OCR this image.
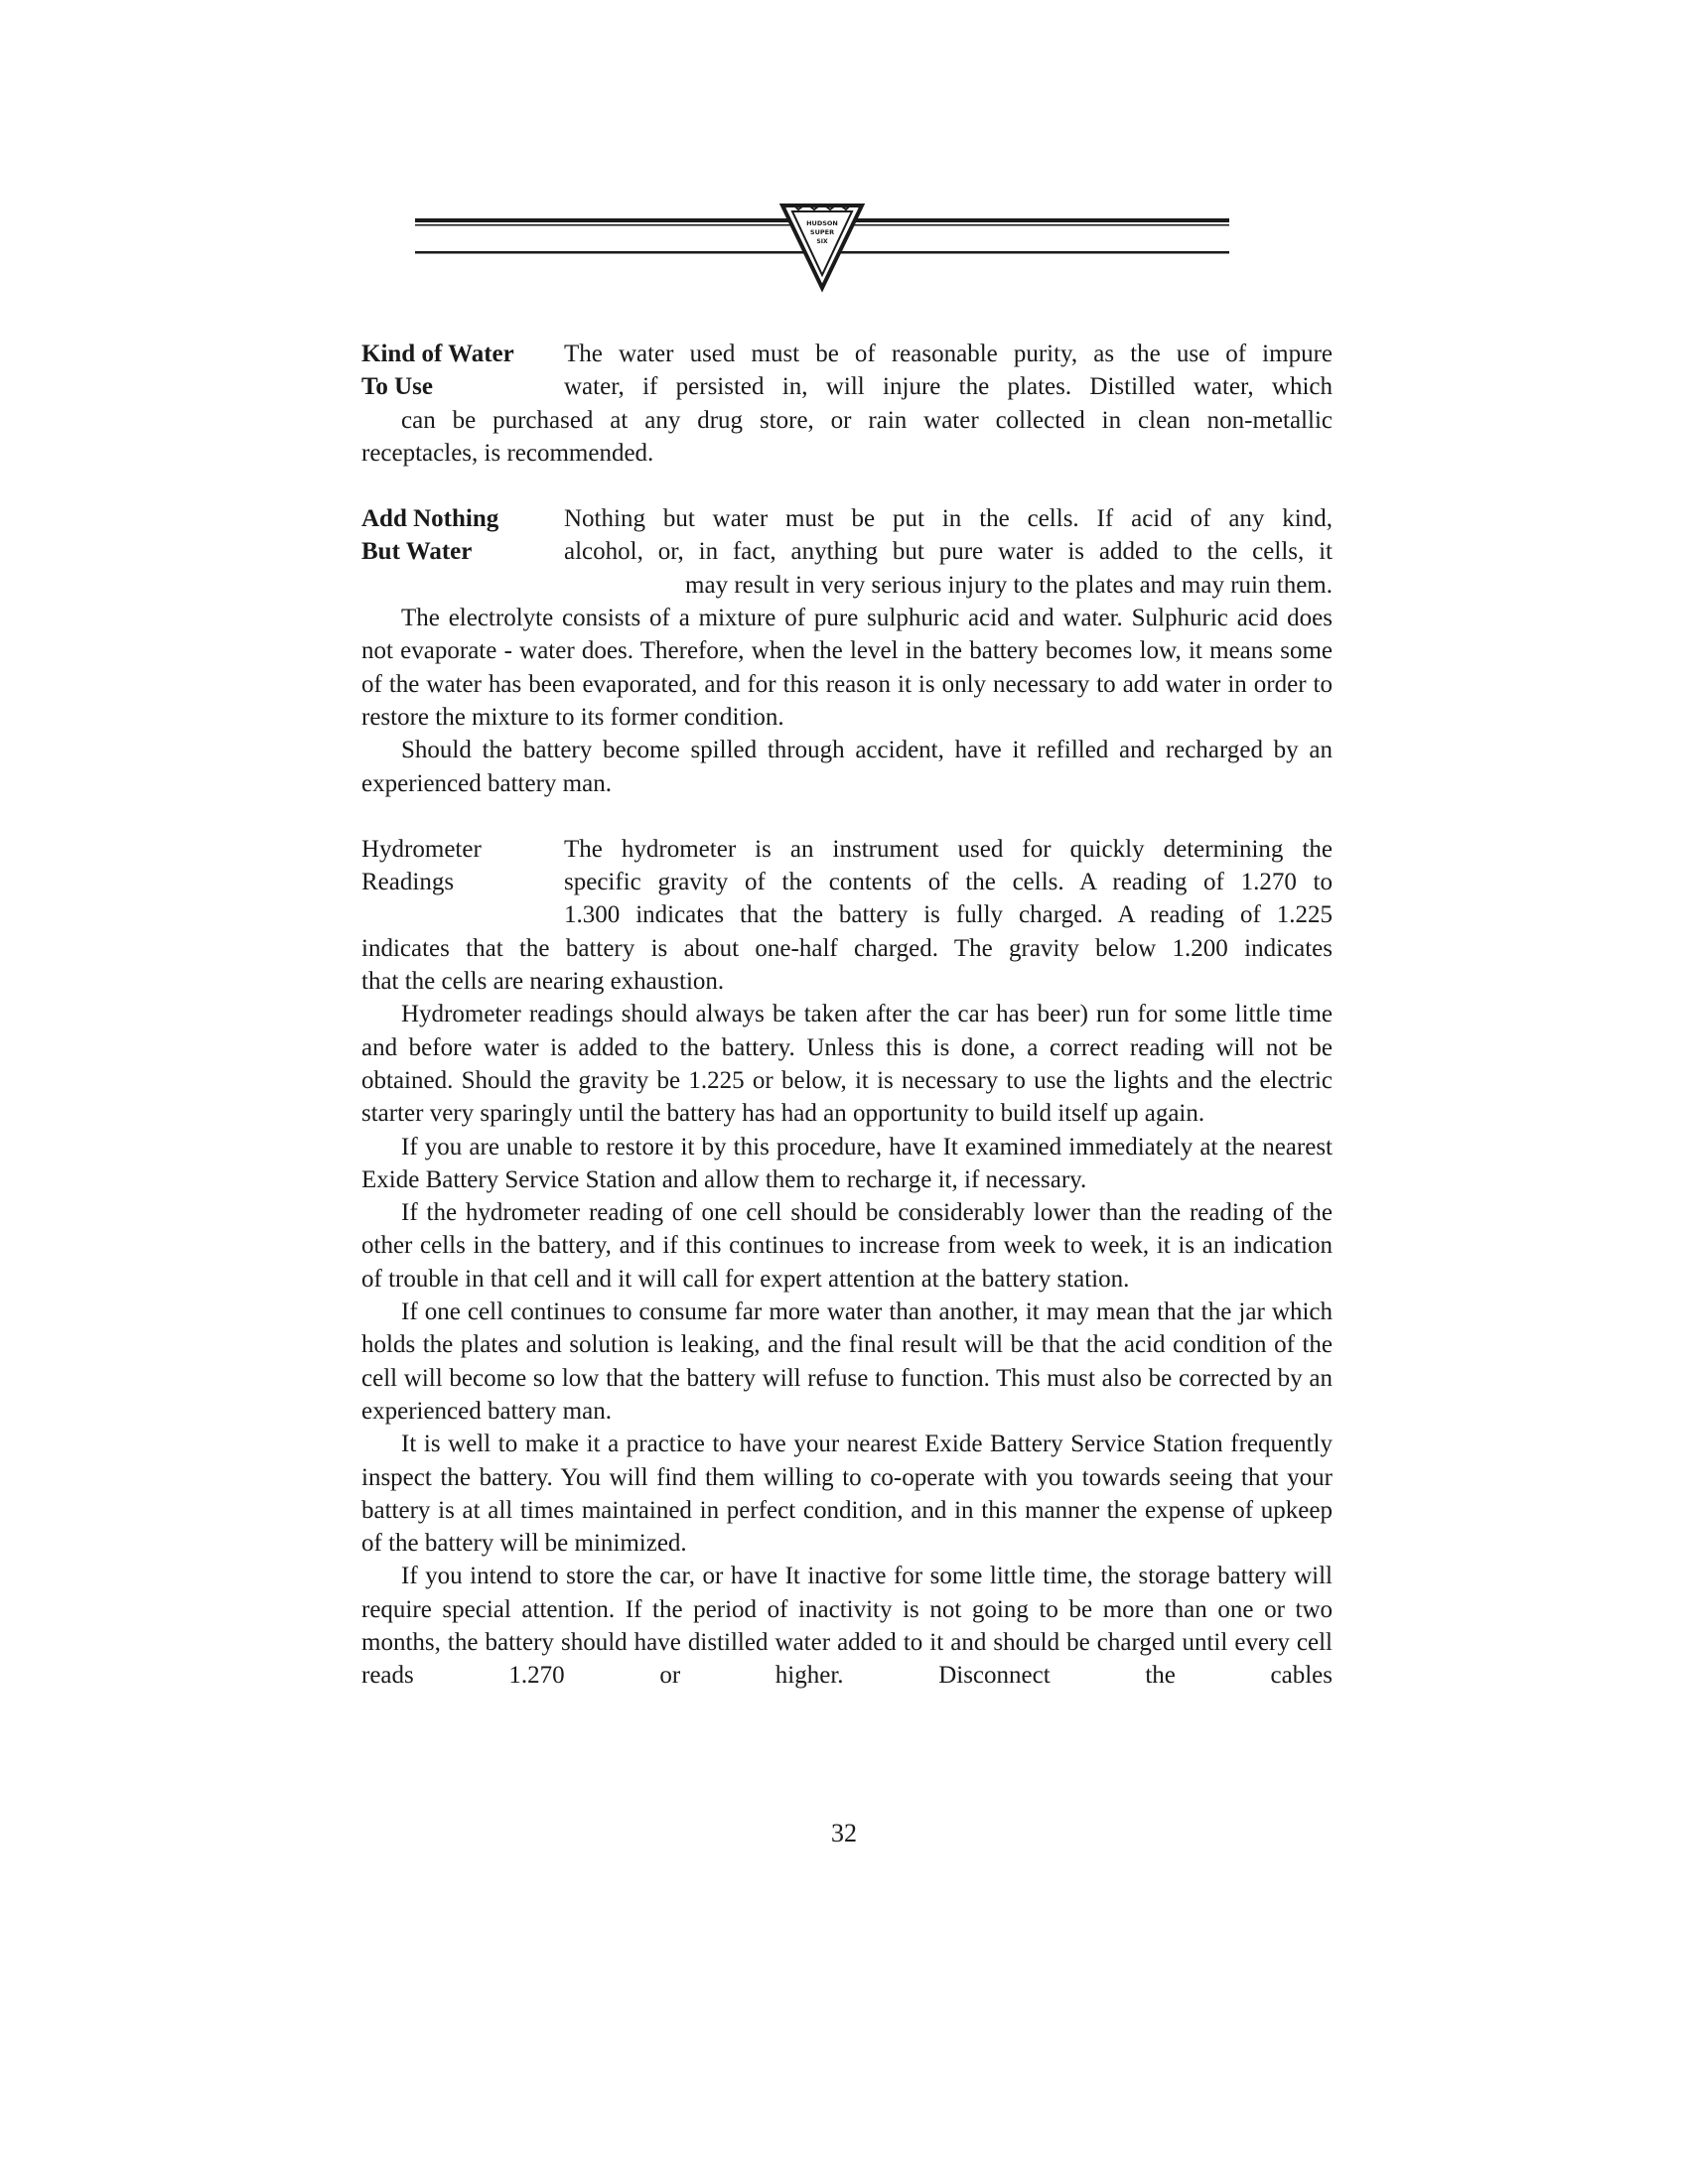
HUDSON
SUPER
SIX
Kind of Water
To Use
The water used must be of reasonable purity, as the use of impure
water, if persisted in, will injure the plates. Distilled water, which
can be purchased at any drug store, or rain water collected in clean non-metallic
receptacles, is recommended.
Add Nothing
But Water
Nothing but water must be put in the cells. If acid of any kind,
alcohol, or, in fact, anything but pure water is added to the cells, it
may result in very serious injury to the plates and may ruin them.

The electrolyte consists of a mixture of pure sulphuric acid and water. Sulphuric acid does not evaporate - water does. Therefore, when the level in the battery becomes low, it means some of the water has been evaporated, and for this reason it is only necessary to add water in order to restore the mixture to its former condition.

Should the battery become spilled through accident, have it refilled and recharged by an experienced battery man.

Hydrometer
Readings
The hydrometer is an instrument used for quickly determining the
specific gravity of the contents of the cells. A reading of 1.270 to
1.300 indicates that the battery is fully charged. A reading of 1.225
indicates that the battery is about one-half charged. The gravity below 1.200 indicates
that the cells are nearing exhaustion.

Hydrometer readings should always be taken after the car has beer) run for some little time and before water is added to the battery. Unless this is done, a correct reading will not be obtained. Should the gravity be 1.225 or below, it is necessary to use the lights and the electric starter very sparingly until the battery has had an opportunity to build itself up again.

If you are unable to restore it by this procedure, have It examined immediately at the nearest Exide Battery Service Station and allow them to recharge it, if necessary.

If the hydrometer reading of one cell should be considerably lower than the reading of the other cells in the battery, and if this continues to increase from week to week, it is an indication of trouble in that cell and it will call for expert attention at the battery station.

If one cell continues to consume far more water than another, it may mean that the jar which holds the plates and solution is leaking, and the final result will be that the acid condition of the cell will become so low that the battery will refuse to function. This must also be corrected by an experienced battery man.

It is well to make it a practice to have your nearest Exide Battery Service Station frequently inspect the battery. You will find them willing to co-operate with you towards seeing that your battery is at all times maintained in perfect condition, and in this manner the expense of upkeep of the battery will be minimized.

If you intend to store the car, or have It inactive for some little time, the storage battery will require special attention. If the period of inactivity is not going to be more than one or two months, the battery should have distilled water added to it and should be charged until every cell reads 1.270 or higher. Disconnect the cables

32
